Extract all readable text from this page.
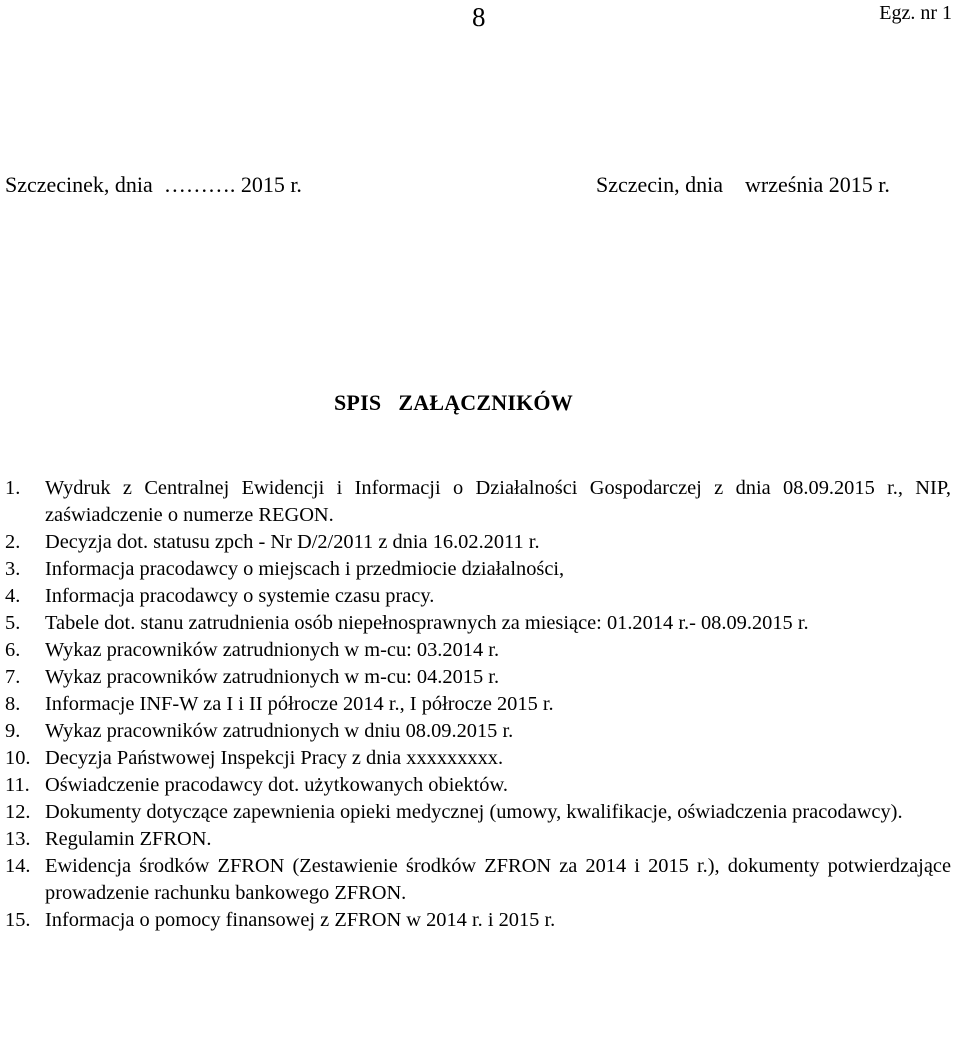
8	Egz. nr 1
Szczecinek, dnia  ………. 2015 r.	Szczecin, dnia    września 2015 r.
SPIS   ZAŁĄCZNIKÓW
1.	Wydruk z Centralnej Ewidencji i Informacji o Działalności Gospodarczej z dnia 08.09.2015 r., NIP, zaświadczenie o numerze REGON.
2.	Decyzja dot. statusu zpch - Nr D/2/2011 z dnia 16.02.2011 r.
3.	Informacja pracodawcy o miejscach i przedmiocie działalności,
4.	Informacja pracodawcy o systemie czasu pracy.
5.	Tabele dot. stanu zatrudnienia osób niepełnosprawnych za miesiące: 01.2014 r.- 08.09.2015 r.
6.	Wykaz pracowników zatrudnionych w m-cu: 03.2014 r.
7.	Wykaz pracowników zatrudnionych w m-cu: 04.2015 r.
8.	Informacje INF-W za I i II półrocze 2014 r., I półrocze 2015 r.
9.	Wykaz pracowników zatrudnionych w dniu 08.09.2015 r.
10. Decyzja Państwowej Inspekcji Pracy z dnia xxxxxxxxx.
11. Oświadczenie pracodawcy dot. użytkowanych obiektów.
12. Dokumenty dotyczące zapewnienia opieki medycznej (umowy, kwalifikacje, oświadczenia pracodawcy).
13. Regulamin ZFRON.
14. Ewidencja środków ZFRON (Zestawienie środków ZFRON za 2014 i 2015 r.), dokumenty potwierdzające prowadzenie rachunku bankowego ZFRON.
15. Informacja o pomocy finansowej z ZFRON w 2014 r. i 2015 r.
